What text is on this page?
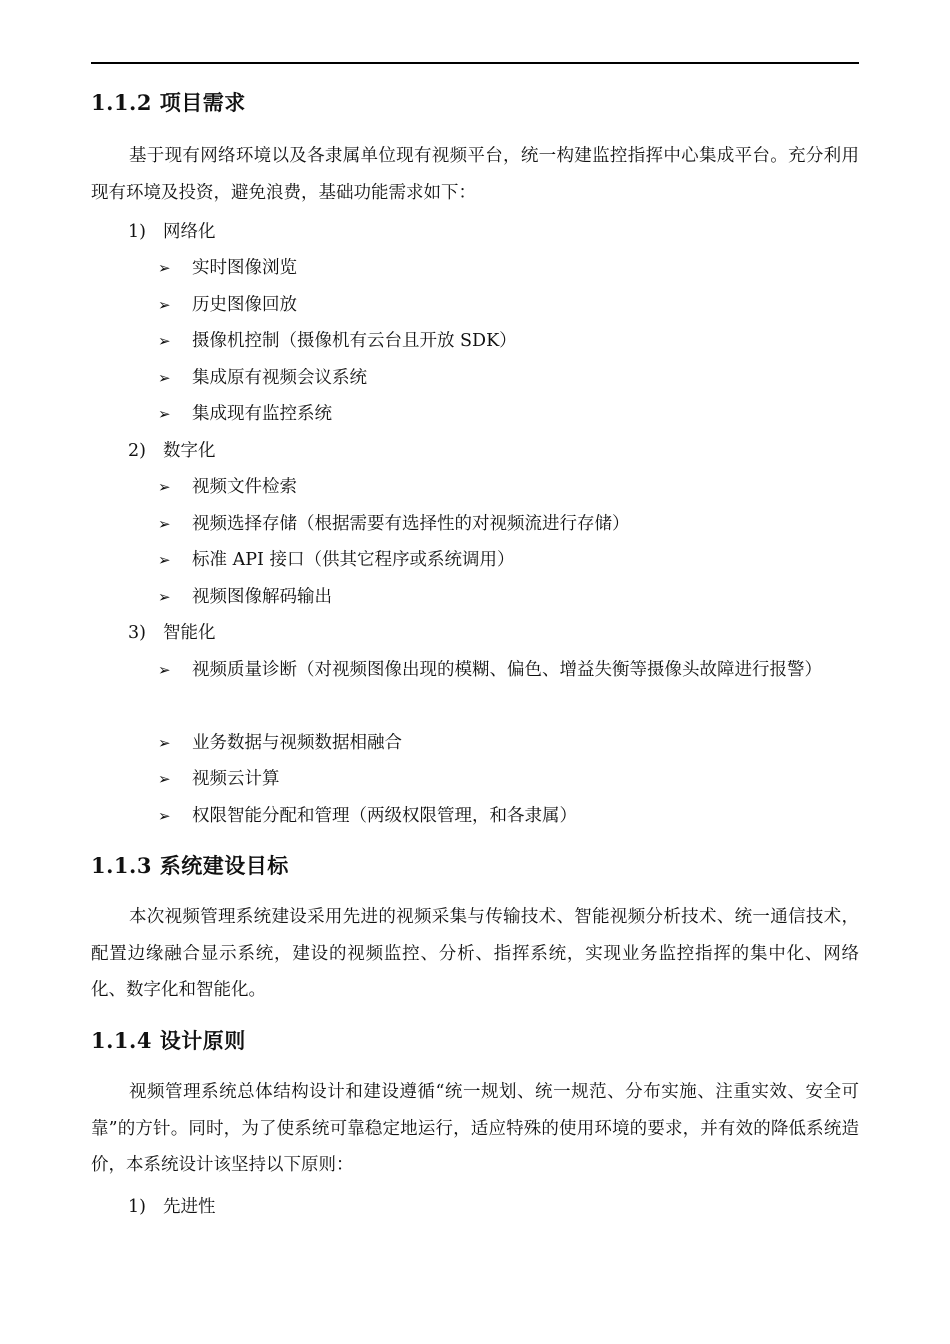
1.1.2 项目需求

基于现有网络环境以及各隶属单位现有视频平台，统一构建监控指挥中心集成平台。充分利用现有环境及投资，避免浪费，基础功能需求如下：

1) 网络化
➢	实时图像浏览
➢	历史图像回放
➢	摄像机控制（摄像机有云台且开放 SDK）
➢	集成原有视频会议系统
➢	集成现有监控系统
2) 数字化
➢	视频文件检索
➢	视频选择存储（根据需要有选择性的对视频流进行存储）
➢	标准 API 接口（供其它程序或系统调用）
➢	视频图像解码输出
3) 智能化
➢	视频质量诊断（对视频图像出现的模糊、偏色、增益失衡等摄像头故障进行报警）
➢	业务数据与视频数据相融合
➢	视频云计算
➢	权限智能分配和管理（两级权限管理，和各隶属）
1.1.3 系统建设目标

本次视频管理系统建设采用先进的视频采集与传输技术、智能视频分析技术、统一通信技术，配置边缘融合显示系统，建设的视频监控、分析、指挥系统，实现业务监控指挥的集中化、网络化、数字化和智能化。

1.1.4 设计原则

视频管理系统总体结构设计和建设遵循“统一规划、统一规范、分布实施、注重实效、安全可靠”的方针。同时，为了使系统可靠稳定地运行，适应特殊的使用环境的要求，并有效的降低系统造价，本系统设计该坚持以下原则：

1) 先进性
